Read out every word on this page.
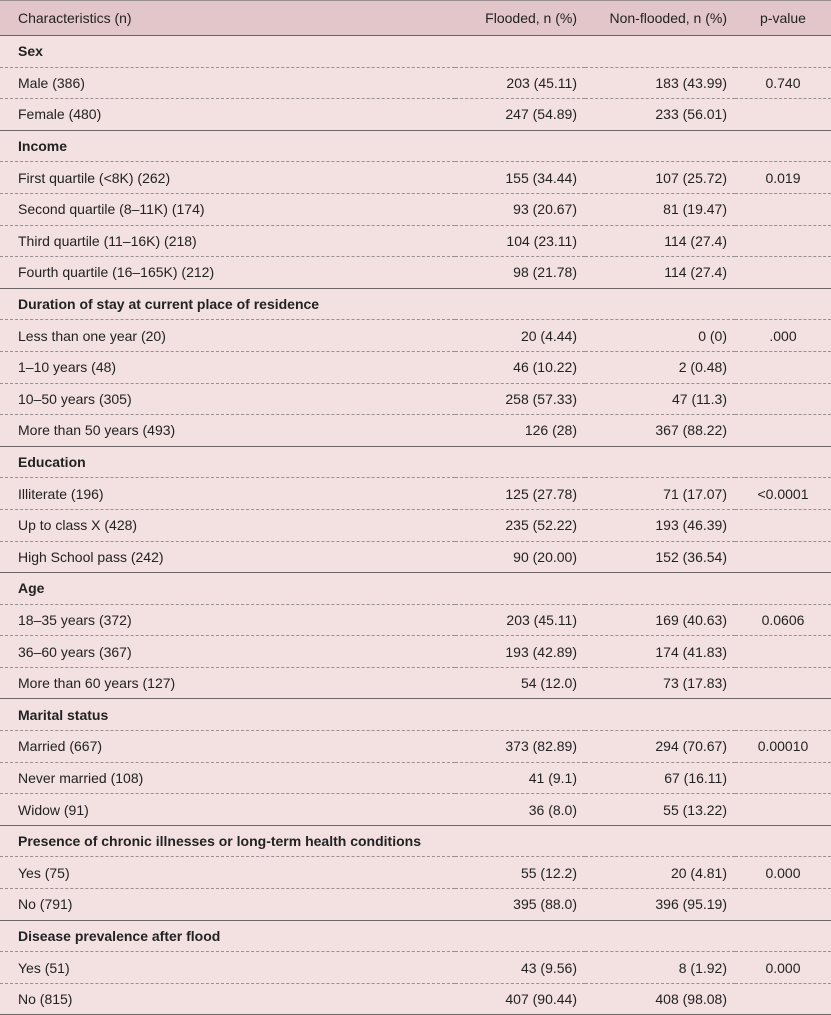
Characteristics (n)	Flooded, n (%)	Non-flooded, n (%)	p-value
Sex			
Male (386)	203 (45.11)	183 (43.99)	0.740
Female (480)	247 (54.89)	233 (56.01)	
Income			
First quartile (<8K) (262)	155 (34.44)	107 (25.72)	0.019
Second quartile (8–11K) (174)	93 (20.67)	81 (19.47)	
Third quartile (11–16K) (218)	104 (23.11)	114 (27.4)	
Fourth quartile (16–165K) (212)	98 (21.78)	114 (27.4)	
Duration of stay at current place of residence			
Less than one year (20)	20 (4.44)	0 (0)	.000
1–10 years (48)	46 (10.22)	2 (0.48)	
10–50 years (305)	258 (57.33)	47 (11.3)	
More than 50 years (493)	126 (28)	367 (88.22)	
Education			
Illiterate (196)	125 (27.78)	71 (17.07)	<0.0001
Up to class X (428)	235 (52.22)	193 (46.39)	
High School pass (242)	90 (20.00)	152 (36.54)	
Age			
18–35 years (372)	203 (45.11)	169 (40.63)	0.0606
36–60 years (367)	193 (42.89)	174 (41.83)	
More than 60 years (127)	54 (12.0)	73 (17.83)	
Marital status			
Married (667)	373 (82.89)	294 (70.67)	0.00010
Never married (108)	41 (9.1)	67 (16.11)	
Widow (91)	36 (8.0)	55 (13.22)	
Presence of chronic illnesses or long-term health conditions			
Yes (75)	55 (12.2)	20 (4.81)	0.000
No (791)	395 (88.0)	396 (95.19)	
Disease prevalence after flood			
Yes (51)	43 (9.56)	8 (1.92)	0.000
No (815)	407 (90.44)	408 (98.08)	
